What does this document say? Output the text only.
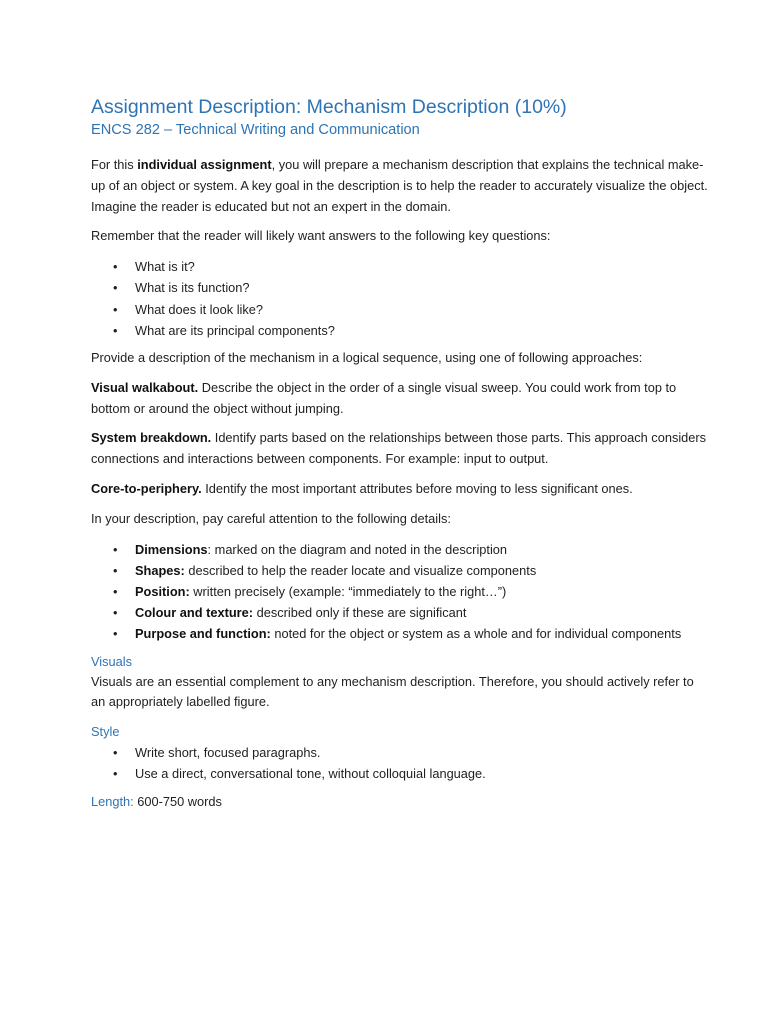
Assignment Description: Mechanism Description (10%)
ENCS 282 – Technical Writing and Communication

For this individual assignment, you will prepare a mechanism description that explains the technical make-up of an object or system. A key goal in the description is to help the reader to accurately visualize the object. Imagine the reader is educated but not an expert in the domain.

Remember that the reader will likely want answers to the following key questions:

• What is it?
• What is its function?
• What does it look like?
• What are its principal components?

Provide a description of the mechanism in a logical sequence, using one of following approaches:

Visual walkabout. Describe the object in the order of a single visual sweep. You could work from top to bottom or around the object without jumping.

System breakdown. Identify parts based on the relationships between those parts. This approach considers connections and interactions between components. For example: input to output.

Core-to-periphery. Identify the most important attributes before moving to less significant ones.

In your description, pay careful attention to the following details:

• Dimensions: marked on the diagram and noted in the description
• Shapes: described to help the reader locate and visualize components
• Position: written precisely (example: “immediately to the right…”)
• Colour and texture: described only if these are significant
• Purpose and function: noted for the object or system as a whole and for individual components
Visuals

Visuals are an essential complement to any mechanism description. Therefore, you should actively refer to an appropriately labelled figure.

Style
• Write short, focused paragraphs.
• Use a direct, conversational tone, without colloquial language.

Length: 600-750 words
